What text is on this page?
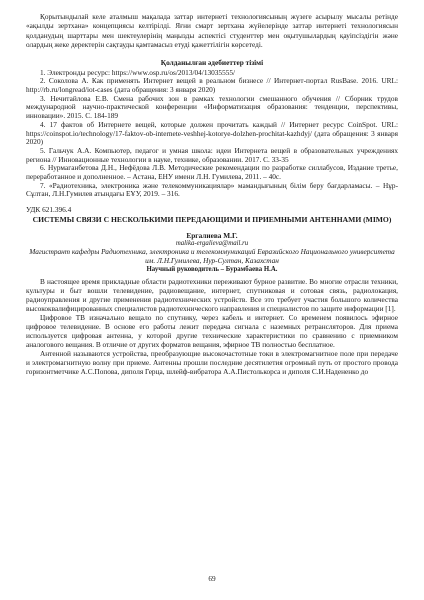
Қорытындылай келе аталмыш мақалада заттар интернеті технологиясының жүзеге асырылу мысалы ретінде «ақылды зертхана» концепциясы келтірілді. Яғни смарт зертхана жүйелерінде заттар интернеті технологиясын қолданудың шарттары мен шектеулерінің маңызды аспектісі студенттер мен оқытушылардың қауіпсіздігін және олардың жеке деректерін сақтауды қамтамасыз етуді қажеттілігін көрсетеді.

Қолданылған әдебиеттер тізімі

1. Электронды ресурс: https://www.osp.ru/os/2013/04/13035555/
2. Соколова А. Как применять Интернет вещей в реальном бизнесе // Интернет-портал RusBase. 2016. URL: http://rb.ru/longread/iot-cases (дата обращения: 3 января 2020)
3. Нечитайлова Е.В. Смена рабочих зон в рамках технологии смешанного обучения // Сборник трудов международной научно-практической конференции «Информатизация образования: тенденции, перспективы, инновации». 2015. С. 184-189
4. 17 фактов об Интернете вещей, которые должен прочитать каждый // Интернет ресурс CoinSpot. URL: https://coinspot.io/technology/17-faktov-ob-internete-veshhej-kotorye-dolzhen-prochitat-kazhdyj/ (дата обращения: 3 января 2020)
5. Гальчук А.А. Компьютер, педагог и умная школа: идеи Интернета вещей в образовательных учреждениях региона // Инновационные технологии в науке, технике, образовании. 2017. С. 33-35
6. Нурмаганбетова Д.Н., Нефёдова Л.В. Методические рекомендации по разработке силлабусов, Издание третье, переработанное и дополненное. – Астана, ЕНУ имени Л.Н. Гумилева, 2011. – 40с.
7. «Радиотехника, электроника және телекоммуникациялар» мамандығының білім беру бағдарламасы. – Нұр-Сұлтан, Л.Н.Гумилев атындағы ЕҰУ, 2019. – 316.

УДК 621.396.4

СИСТЕМЫ СВЯЗИ С НЕСКОЛЬКИМИ ПЕРЕДАЮЩИМИ И ПРИЕМНЫМИ АНТЕННАМИ (MIMO)

Ергалиева М.Г.

malika-ergalieva@mail.ru

Магистрант кафедры Радиотехника, электроника и телекоммуникаций Евразийского Национального университета им. Л.Н.Гумилева, Нур-Султан, Казахстан

Научный руководитель – Бурамбаева Н.А.

В настоящее время прикладные области радиотехники переживают бурное развитие. Во многие отрасли техники, культуры и быт вошли телевидение, радиовещание, интернет, спутниковая и сотовая связь, радиолокация, радиоуправления и другие применения радиотехнических устройств. Все это требует участия большого количества высококвалифицированных специалистов радиотехнического направления и специалистов по защите информации [1].

Цифровое ТВ изначально вещало по спутнику, через кабель и интернет. Со временем появилось эфирное цифровое телевидение. В основе его работы лежит передача сигнала с наземных ретрансляторов. Для приема используется цифровая антенна, у которой другие технические характеристики по сравнению с приемником аналогового вещания. В отличие от других форматов вещания, эфирное ТВ полностью бесплатное.

Антенной называются устройства, преобразующие высокочастотные токи в электромагнитное поле при передаче и электромагнитную волну при приеме. Антенны прошли последние десятилетия огромный путь от простого провода горизонтметчике А.С.Попова, диполя Герца, шлейф-вибратора А.А.Пистолькорса и диполя С.И.Надененко до

69
